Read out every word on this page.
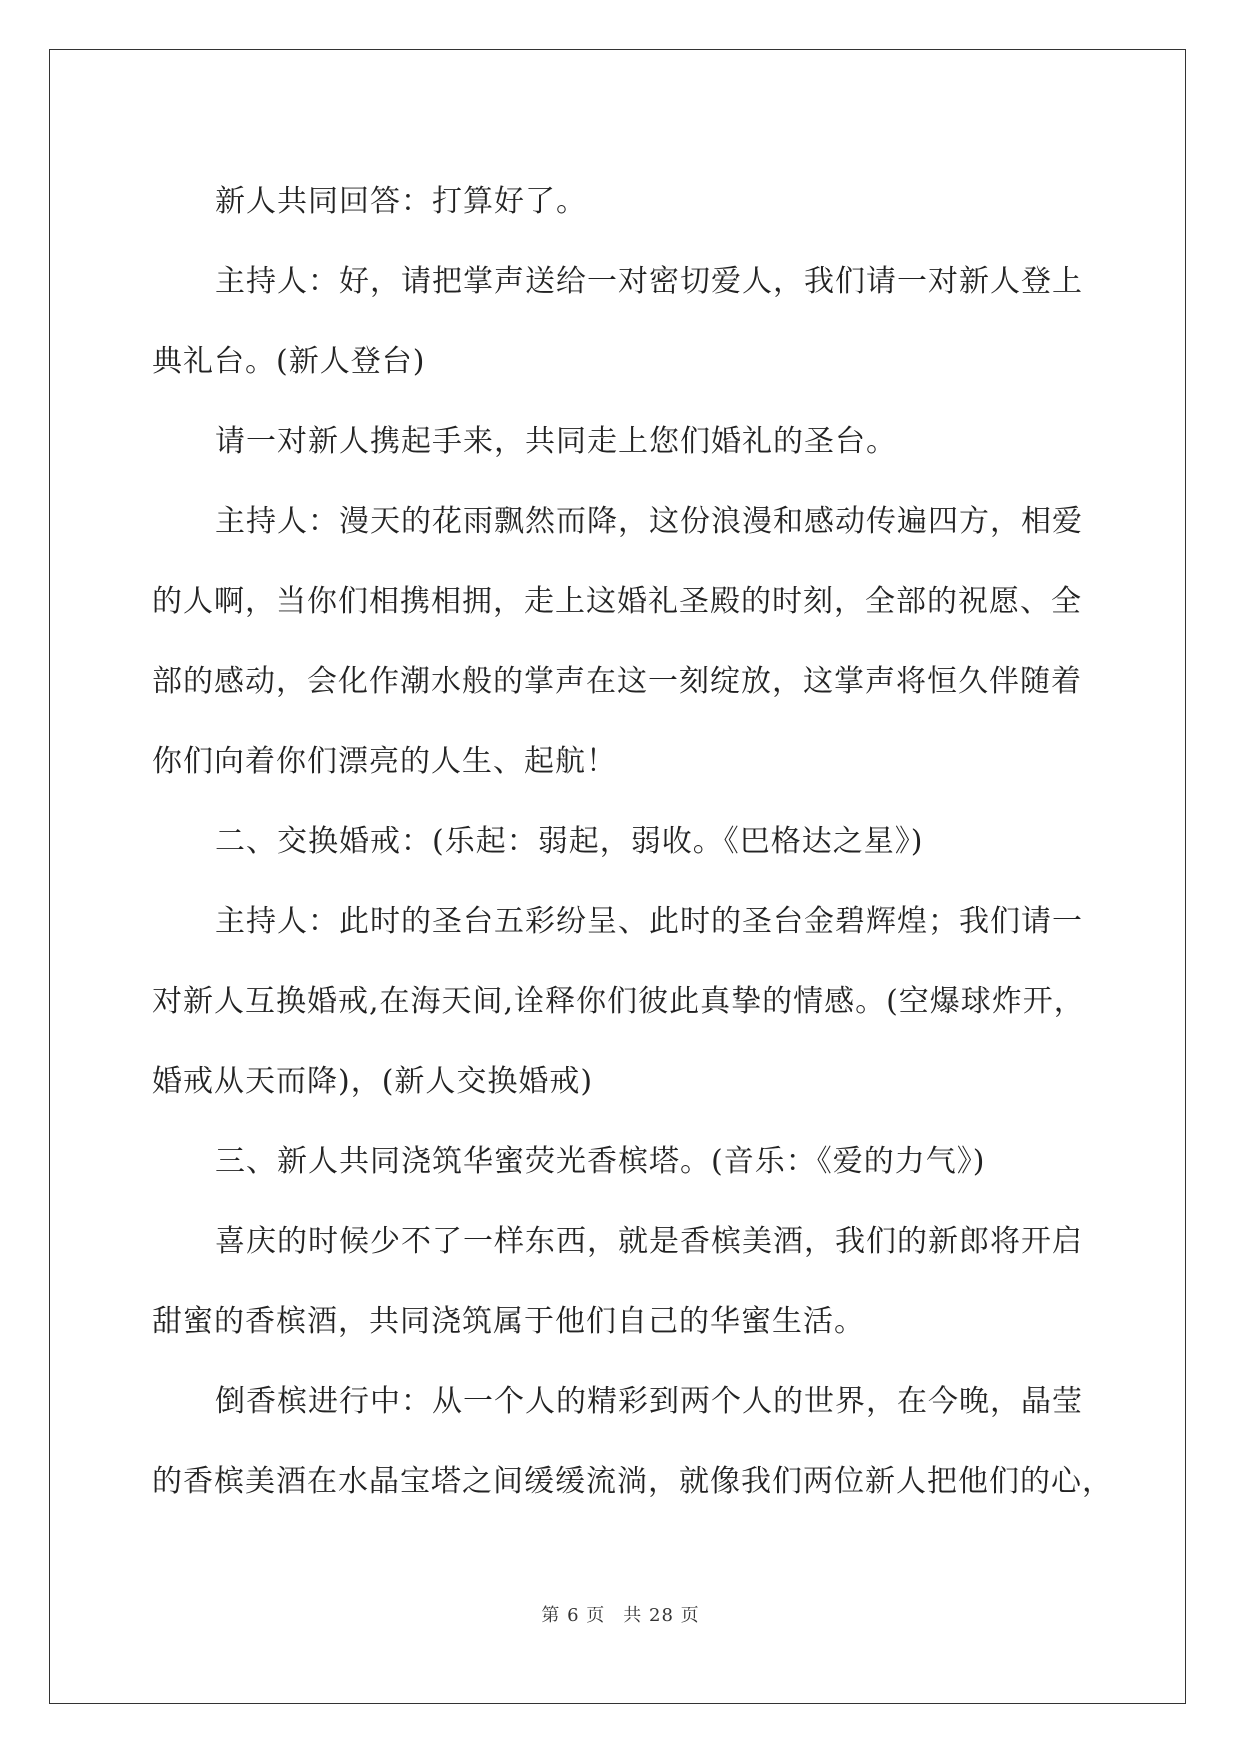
新人共同回答：打算好了。
主持人：好，请把掌声送给一对密切爱人，我们请一对新人登上
典礼台。(新人登台)
请一对新人携起手来，共同走上您们婚礼的圣台。
主持人：漫天的花雨飘然而降，这份浪漫和感动传遍四方，相爱
的人啊，当你们相携相拥，走上这婚礼圣殿的时刻，全部的祝愿、全
部的感动，会化作潮水般的掌声在这一刻绽放，这掌声将恒久伴随着
你们向着你们漂亮的人生、起航！
二、交换婚戒：(乐起：弱起，弱收。《巴格达之星》)
主持人：此时的圣台五彩纷呈、此时的圣台金碧辉煌；我们请一
对新人互换婚戒,在海天间,诠释你们彼此真挚的情感。(空爆球炸开，
婚戒从天而降)，(新人交换婚戒)
三、新人共同浇筑华蜜荧光香槟塔。(音乐：《爱的力气》)
喜庆的时候少不了一样东西，就是香槟美酒，我们的新郎将开启
甜蜜的香槟酒，共同浇筑属于他们自己的华蜜生活。
倒香槟进行中：从一个人的精彩到两个人的世界，在今晚，晶莹
的香槟美酒在水晶宝塔之间缓缓流淌，就像我们两位新人把他们的心，
第 6 页 共 28 页
